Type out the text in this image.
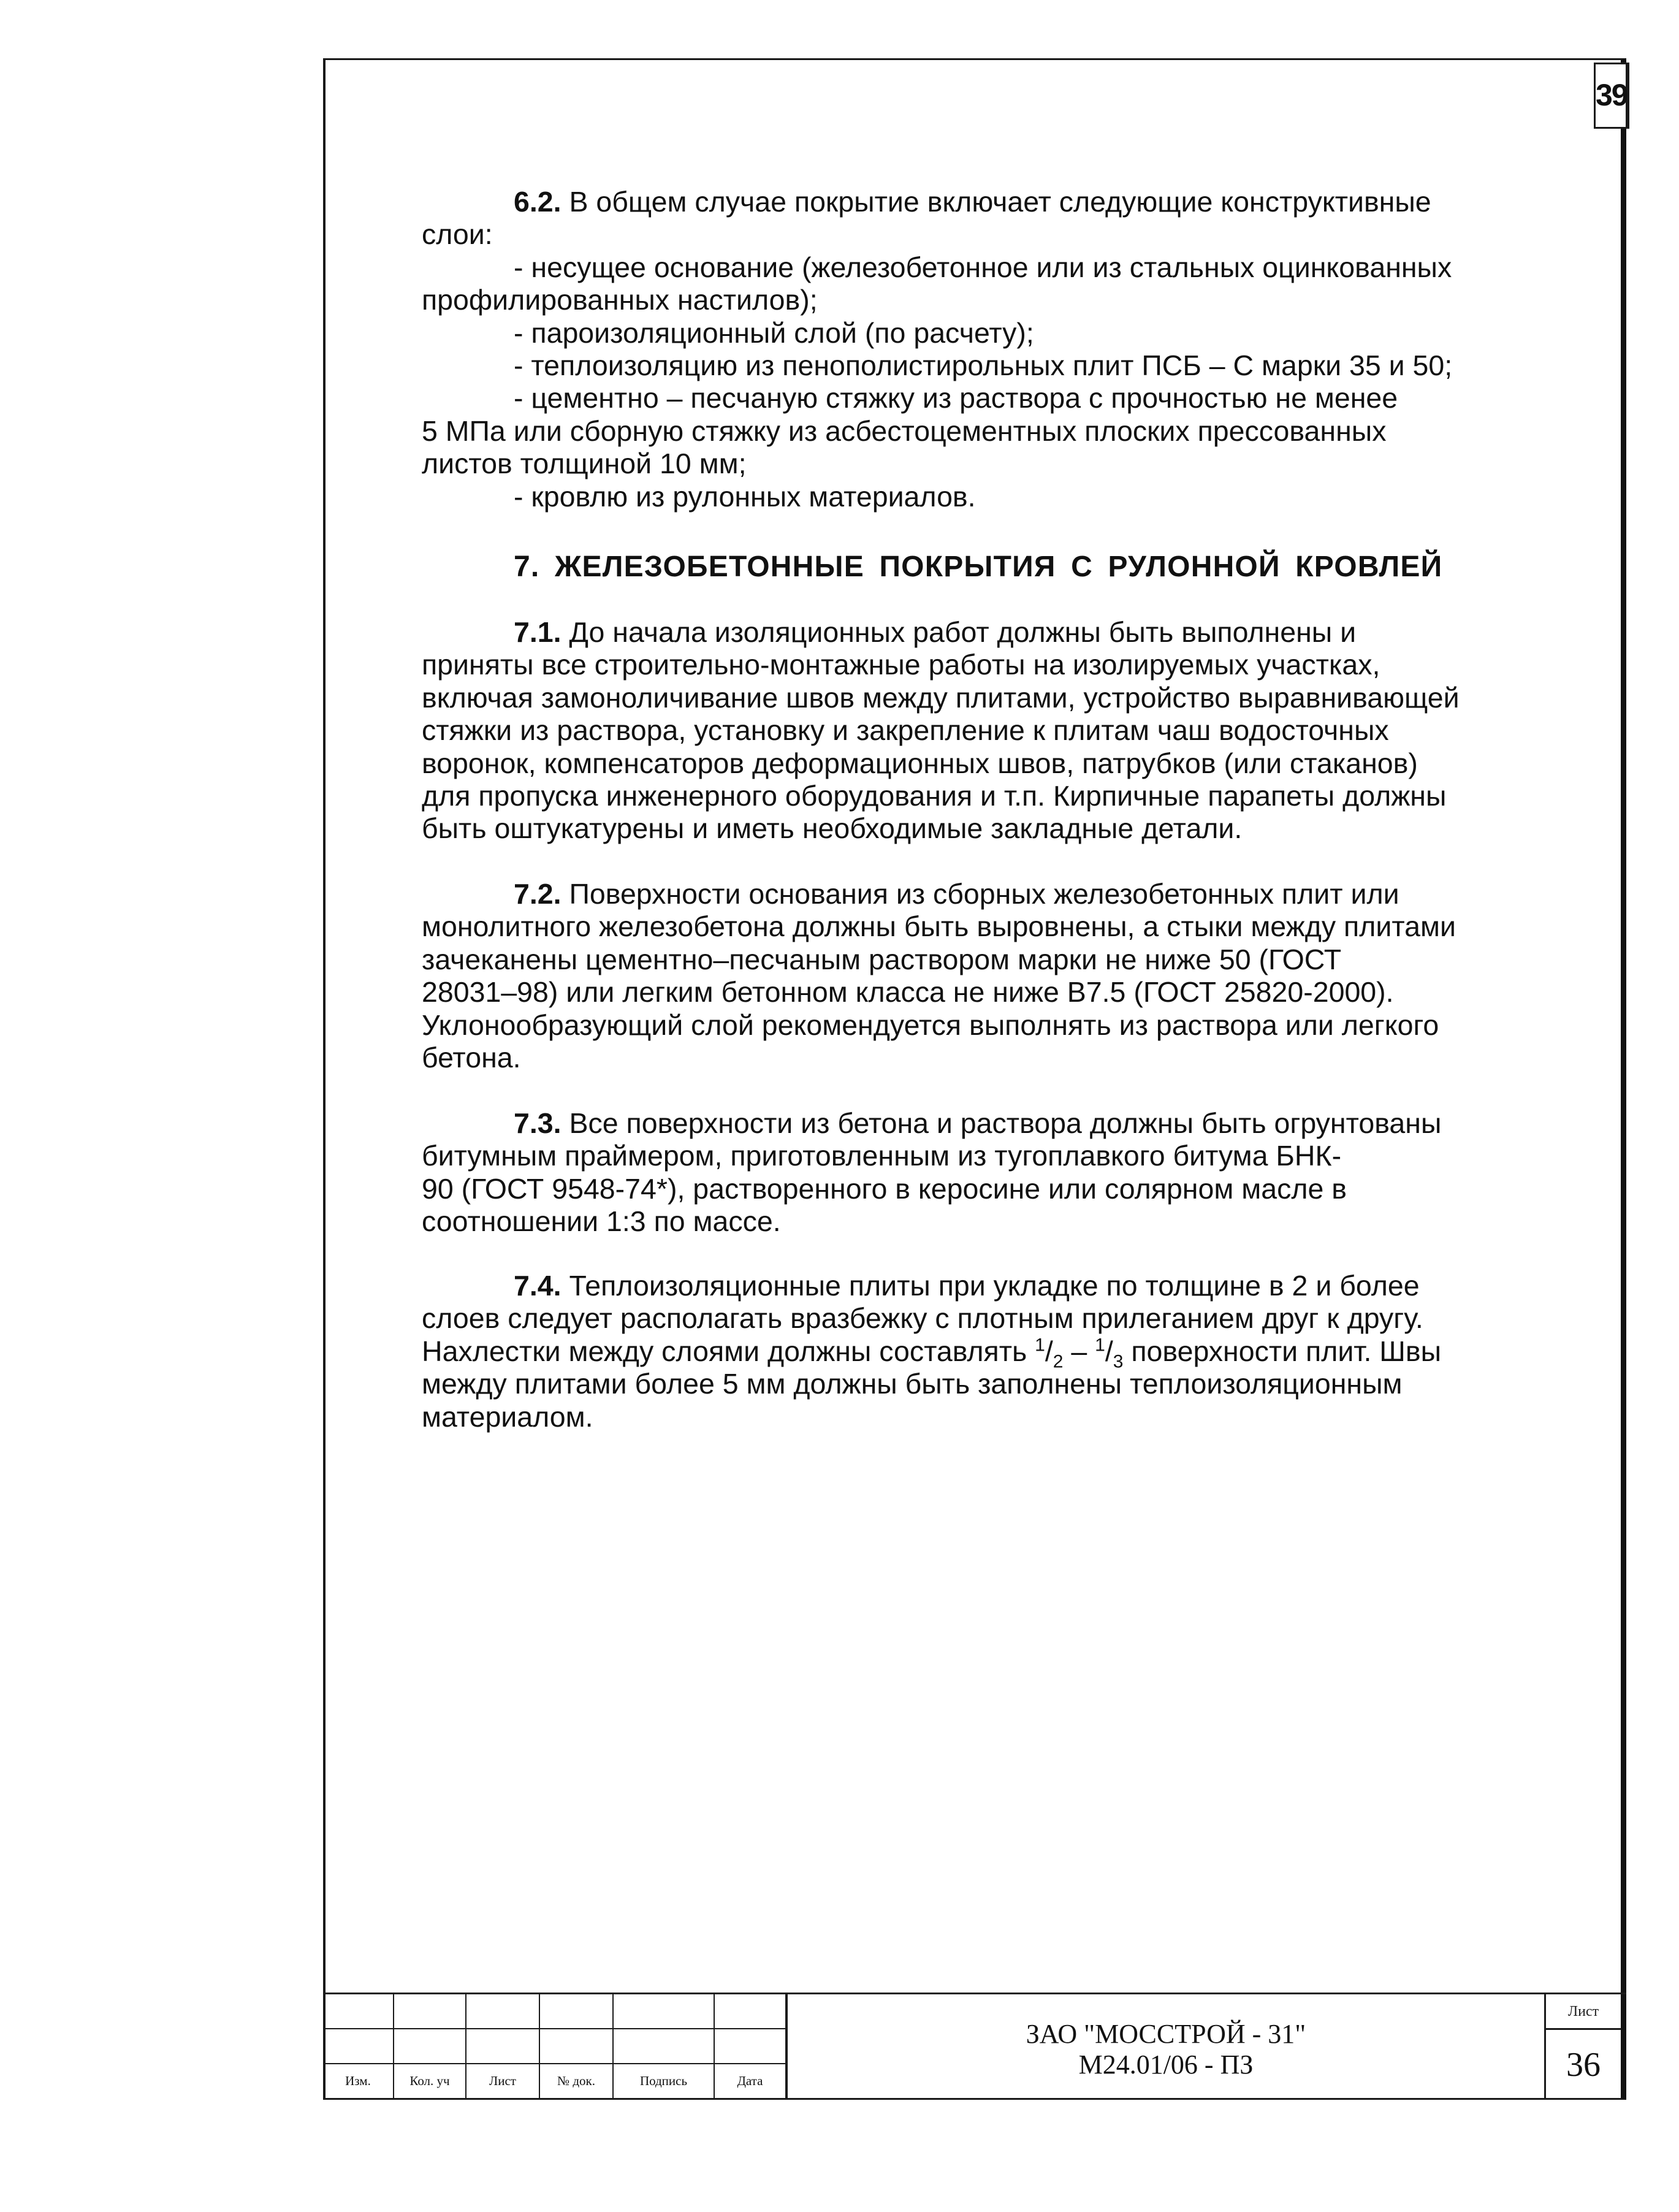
39
6.2. В общем случае покрытие включает следующие конструктивные
слои:
- несущее основание (железобетонное или из стальных оцинкованных
профилированных настилов);
- пароизоляционный слой (по расчету);
- теплоизоляцию из пенополистирольных плит ПСБ – С марки 35 и 50;
- цементно – песчаную стяжку из раствора с прочностью не менее
5 МПа или сборную стяжку из асбестоцементных плоских прессованных
листов толщиной 10 мм;
- кровлю из рулонных материалов.
7. ЖЕЛЕЗОБЕТОННЫЕ ПОКРЫТИЯ С РУЛОННОЙ КРОВЛЕЙ
7.1. До начала изоляционных работ должны быть выполнены и
приняты все строительно-монтажные работы на изолируемых участках,
включая замоноличивание швов между плитами, устройство выравнивающей
стяжки из раствора, установку и закрепление к плитам чаш водосточных
воронок, компенсаторов деформационных швов, патрубков (или стаканов)
для пропуска инженерного оборудования и т.п. Кирпичные парапеты должны
быть оштукатурены и иметь необходимые закладные детали.
7.2. Поверхности основания из сборных железобетонных плит или
монолитного железобетона должны быть выровнены, а стыки между плитами
зачеканены цементно–песчаным раствором марки не ниже 50 (ГОСТ
28031–98) или легким бетонном класса не ниже В7.5 (ГОСТ 25820-2000).
Уклонообразующий слой рекомендуется выполнять из раствора или легкого
бетона.
7.3. Все поверхности из бетона и раствора должны быть огрунтованы
битумным праймером, приготовленным из тугоплавкого битума БНК-
90 (ГОСТ 9548-74*), растворенного в керосине или солярном масле в
соотношении 1:3 по массе.
7.4. Теплоизоляционные плиты при укладке по толщине в 2 и более
слоев следует располагать вразбежку с плотным прилеганием друг к другу.
Нахлестки между слоями должны составлять $^1/_2 - ^1/_3$ поверхности плит. Швы
между плитами более 5 мм должны быть заполнены теплоизоляционным
материалом.

Изм.	Кол. уч	Лист	№ док.	Подпись	Дата
ЗАО "МОССТРОЙ - 31"
М24.01/06 - ПЗ
Лист
36
